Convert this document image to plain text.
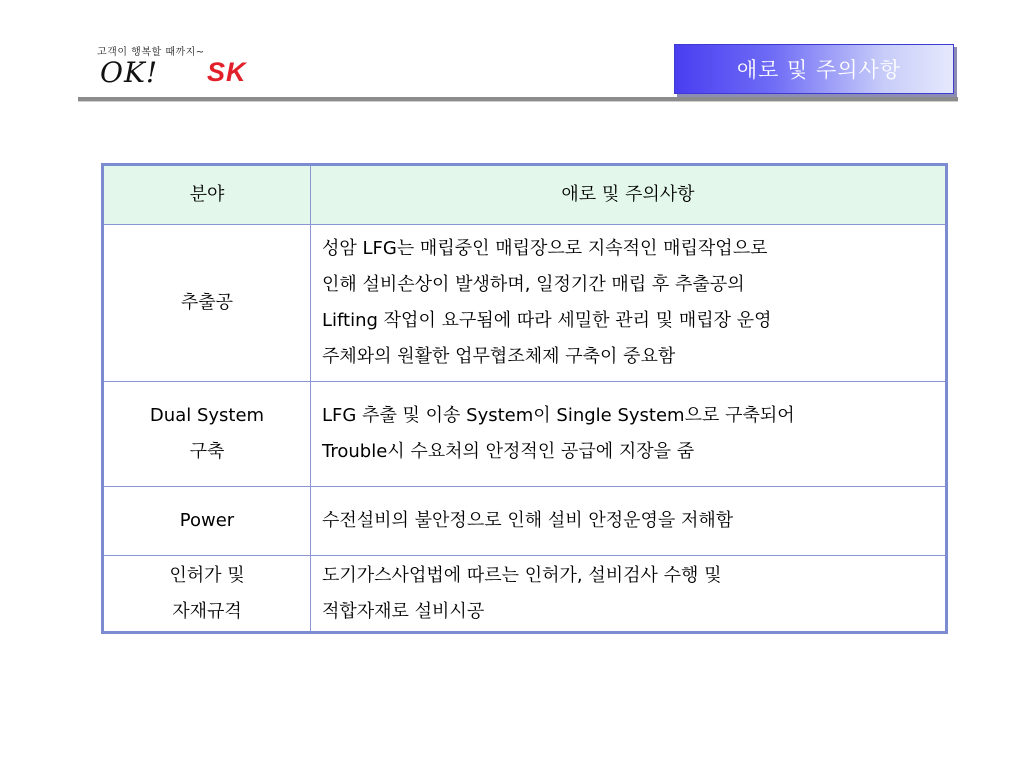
고객이 행복할 때까지~
OK! SK	애로 및 주의사항
분야	애로 및 주의사항

추출공	성암 LFG는 매립중인 매립장으로 지속적인 매립작업으로
인해 설비손상이 발생하며, 일정기간 매립 후 추출공의
Lifting 작업이 요구됨에 따라 세밀한 관리 및 매립장 운영
주체와의 원활한 업무협조체제 구축이 중요함

Dual System
구축	LFG 추출 및 이송 System이 Single System으로 구축되어
Trouble시 수요처의 안정적인 공급에 지장을 줌

Power	수전설비의 불안정으로 인해 설비 안정운영을 저해함

인허가 및
자재규격	도기가스사업법에 따르는 인허가, 설비검사 수행 및
적합자재로 설비시공
